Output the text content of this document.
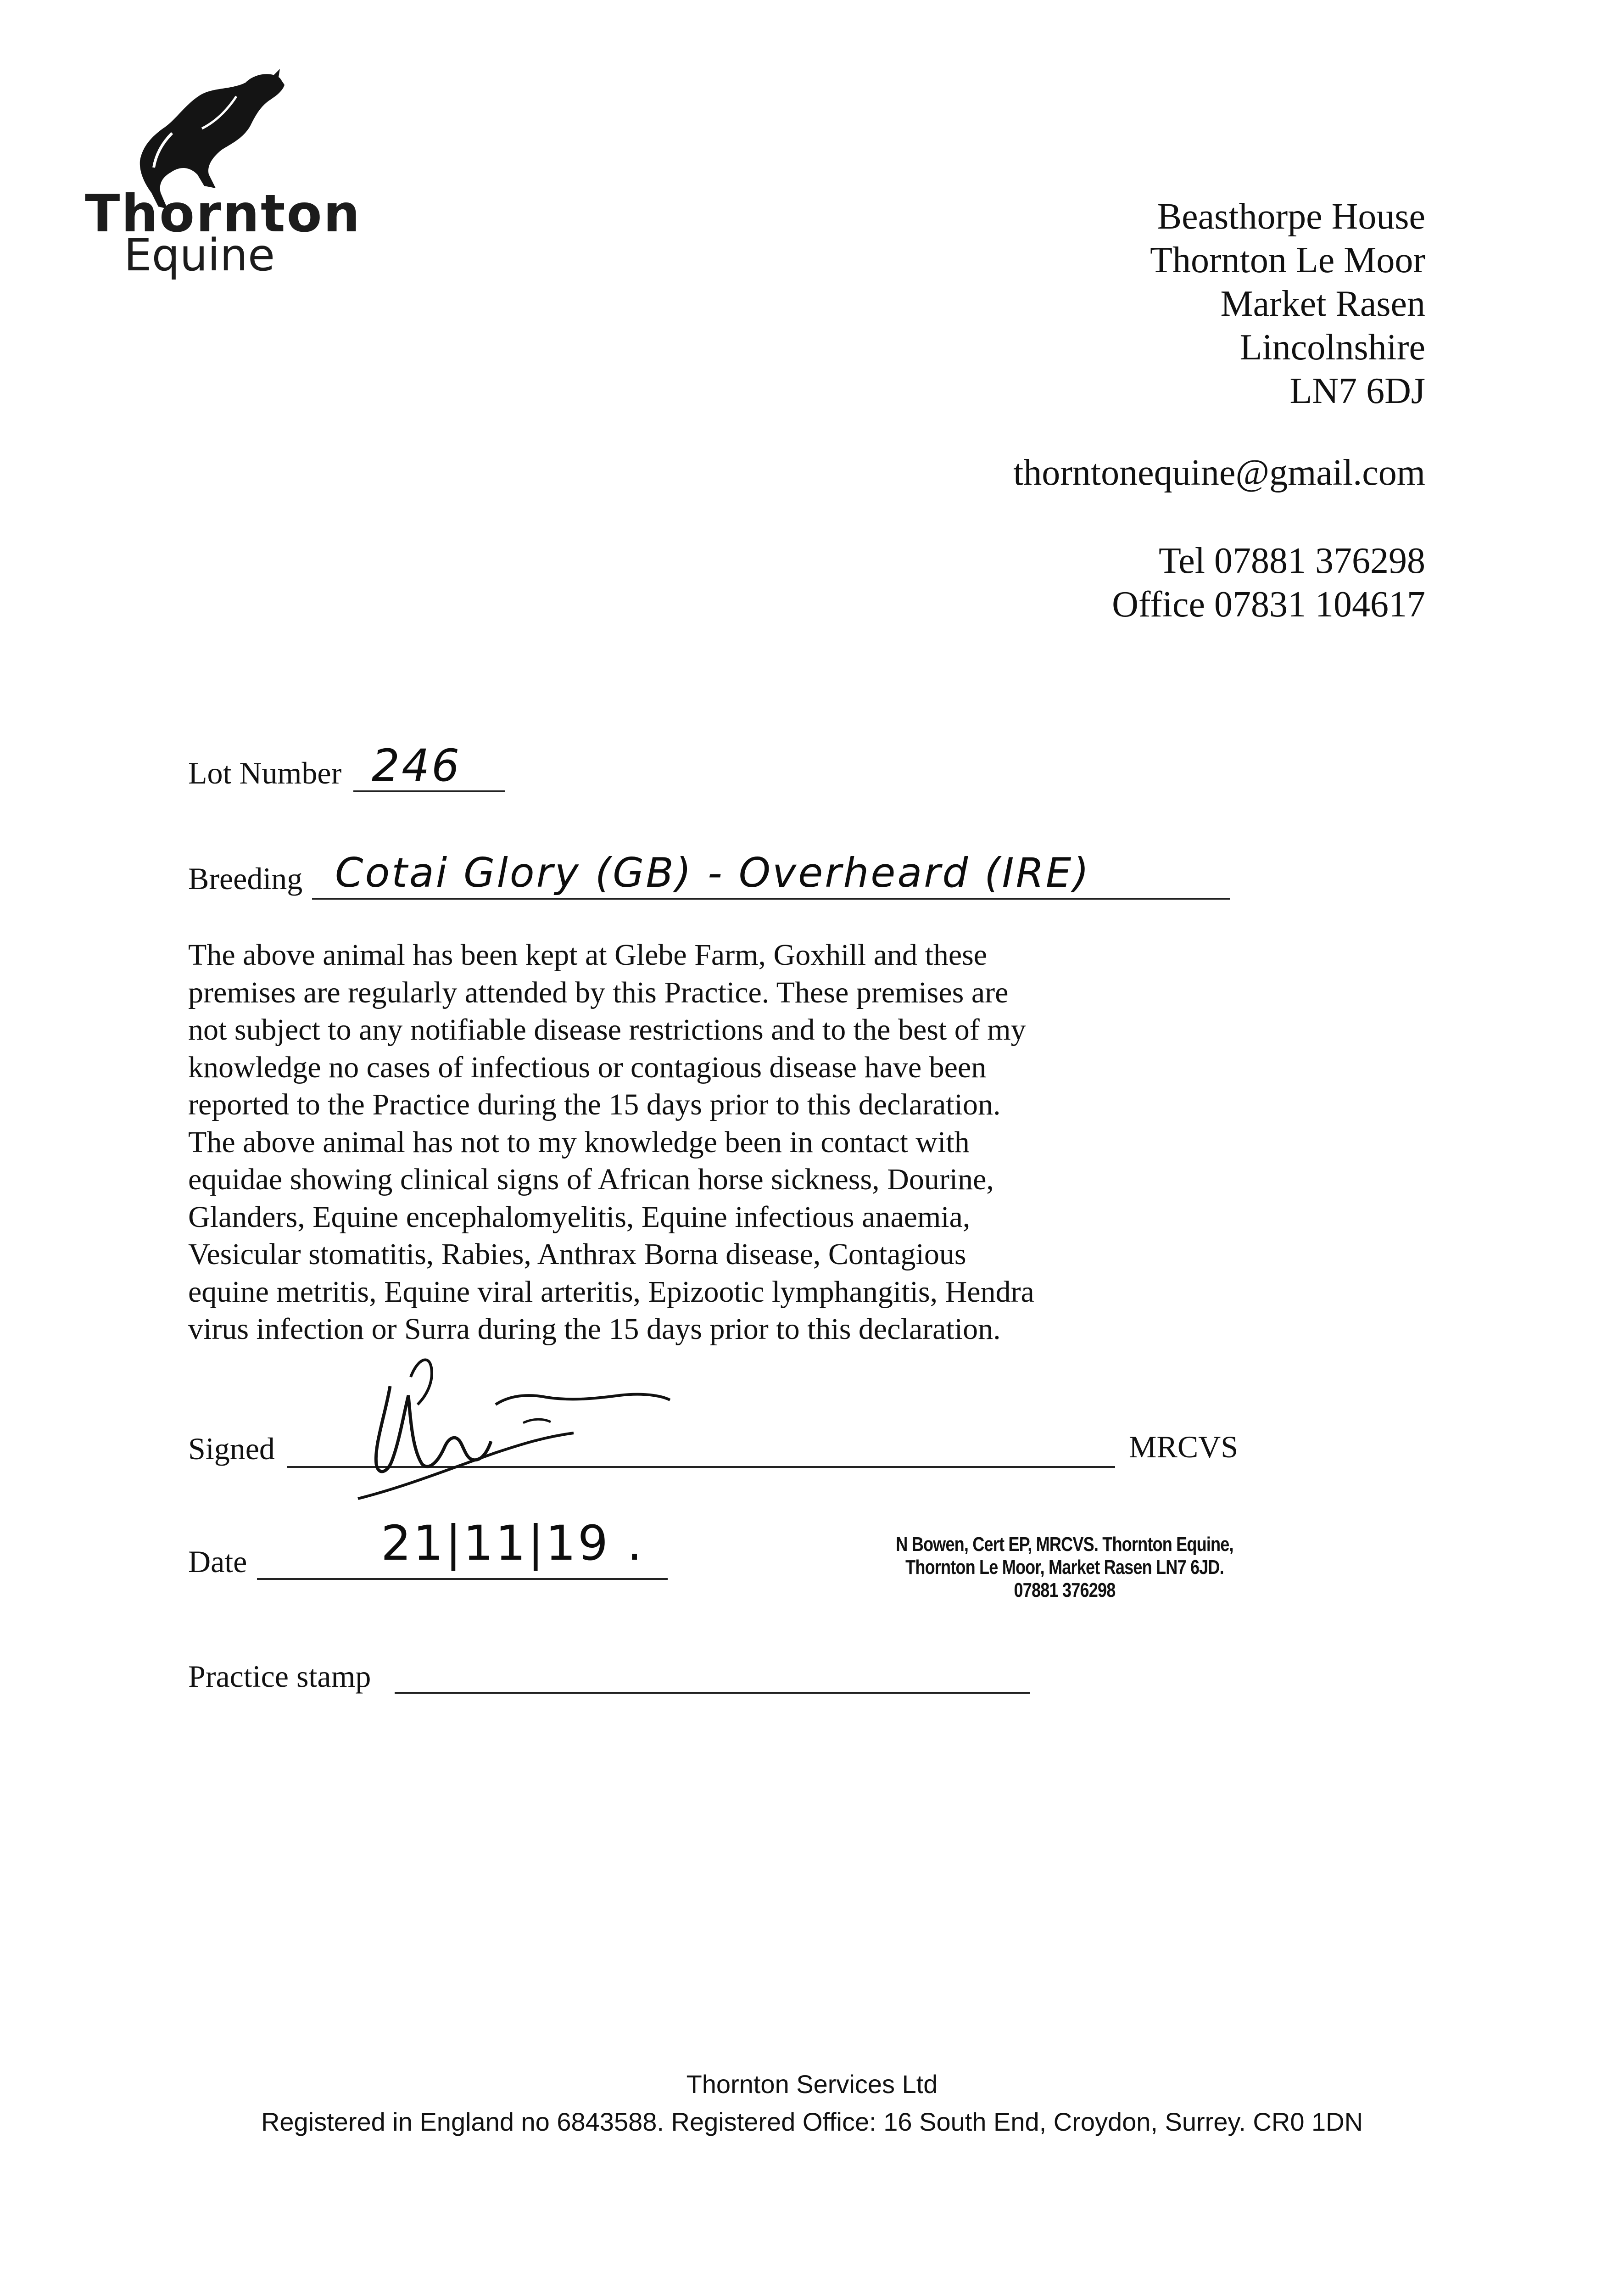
Thornton
Equine
Beasthorpe House
Thornton Le Moor
Market Rasen
Lincolnshire
LN7 6DJ
thorntonequine@gmail.com
Tel 07881 376298
Office 07831 104617
Lot Number 246
Breeding Cotai Glory (GB) - Overheard (IRE)
The above animal has been kept at Glebe Farm, Goxhill and these
premises are regularly attended by this Practice. These premises are
not subject to any notifiable disease restrictions and to the best of my
knowledge no cases of infectious or contagious disease have been
reported to the Practice during the 15 days prior to this declaration.
The above animal has not to my knowledge been in contact with
equidae showing clinical signs of African horse sickness, Dourine,
Glanders, Equine encephalomyelitis, Equine infectious anaemia,
Vesicular stomatitis, Rabies, Anthrax Borna disease, Contagious
equine metritis, Equine viral arteritis, Epizootic lymphangitis, Hendra
virus infection or Surra during the 15 days prior to this declaration.
Signed	MRCVS
Date	21|11|19 .	N Bowen, Cert EP, MRCVS. Thornton Equine,
Thornton Le Moor, Market Rasen LN7 6JD.
07881 376298
Practice stamp
Thornton Services Ltd
Registered in England no 6843588. Registered Office: 16 South End, Croydon, Surrey. CR0 1DN
